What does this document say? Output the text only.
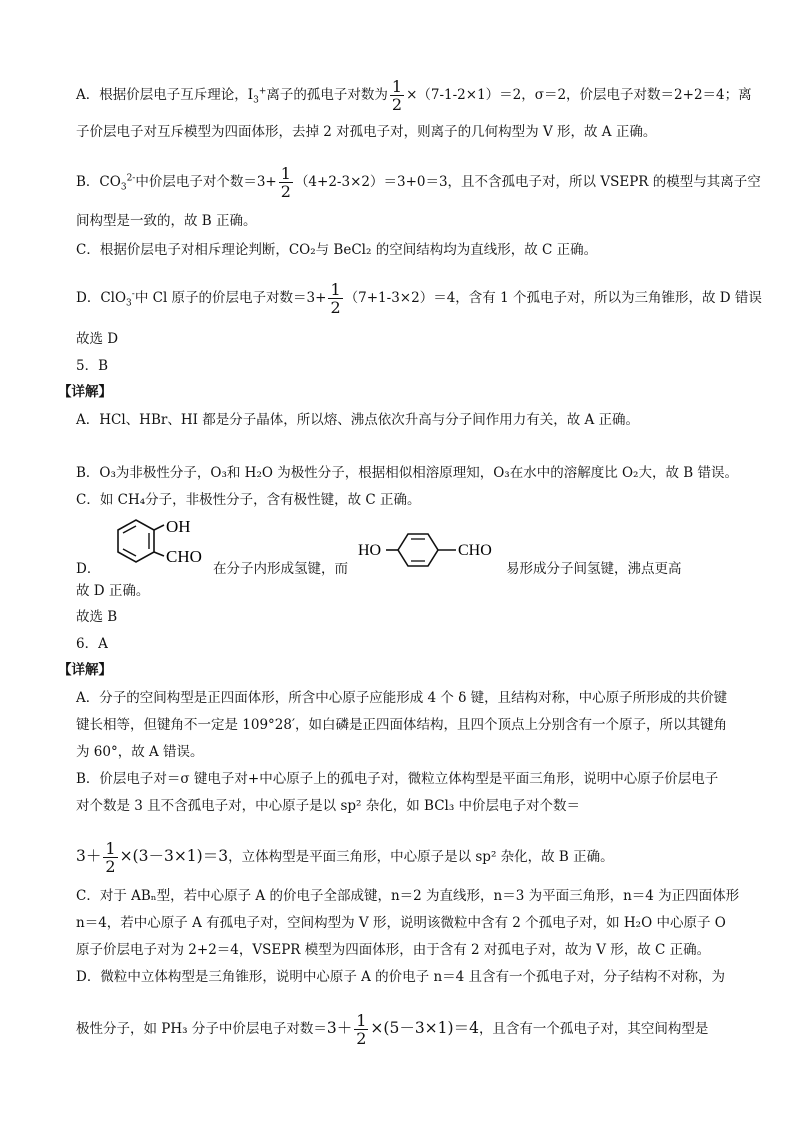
A．根据价层电子互斥理论，$I_3^+$离子的孤电子对数为 $\frac{1}{2} \times(7-1-2\times 1)=2$，σ＝2，价层电子对数＝2+2＝4；离
子价层电子对互斥模型为四面体形，去掉 2 对孤电子对，则离子的几何构型为 V 形，故 A 正确。
B．$CO_3^{2-}$中价层电子对个数$=3+ \frac{1}{2} (4+2-3\times 2)=3+0=3$，且不含孤电子对，所以 VSEPR 的模型与其离子空
间构型是一致的，故 B 正确。
C．根据价层电子对相斥理论判断，CO₂与 BeCl₂ 的空间结构均为直线形，故 C 正确。
D．ClO$_3$-中 Cl 原子的价层电子对数$=3+ \frac{1}{2} (7+1-3\times 2)=4$，含有 1 个孤电子对，所以为三角锥形，故 D 错误
故选 D
5．B
【详解】
A．HCl、HBr、HI 都是分子晶体，所以熔、沸点依次升高与分子间作用力有关，故 A 正确。
B．O₃为非极性分子，O₃和 H₂O 为极性分子，根据相似相溶原理知，O₃在水中的溶解度比 O₂大，故 B 错误。
C．如 CH₄分子，非极性分子，含有极性键，故 C 正确。
D．
OH
CHO
在分子内形成氢键，而
HO	CHO
易形成分子间氢键，沸点更高
故 D 正确。
故选 B
6．A
【详解】
A．分子的空间构型是正四面体形，所含中心原子应能形成 4 个 δ 键，且结构对称，中心原子所形成的共价键
键长相等，但键角不一定是 109°28′，如白磷是正四面体结构，且四个顶点上分别含有一个原子，所以其键角
为 60°，故 A 错误。
B．价层电子对＝σ 键电子对+中心原子上的孤电子对，微粒立体构型是平面三角形，说明中心原子价层电子
对个数是 3 且不含孤电子对，中心原子是以 sp² 杂化，如 BCl₃ 中价层电子对个数＝
$3+ \frac{1}{2} \times(3-3\times 1)=3$，立体构型是平面三角形，中心原子是以 sp² 杂化，故 B 正确。
C．对于 ABₙ型，若中心原子 A 的价电子全部成键，n＝2 为直线形，n＝3 为平面三角形，n＝4 为正四面体形
n＝4，若中心原子 A 有孤电子对，空间构型为 V 形，说明该微粒中含有 2 个孤电子对，如 H₂O 中心原子 O
原子价层电子对为 2+2＝4，VSEPR 模型为四面体形，由于含有 2 对孤电子对，故为 V 形，故 C 正确。
D．微粒中立体构型是三角锥形，说明中心原子 A 的价电子 n＝4 且含有一个孤电子对，分子结构不对称，为
极性分子，如 PH₃ 分子中价层电子对数$=3+ \frac{1}{2} \times(5-3\times 1)=4$，且含有一个孤电子对，其空间构型是
